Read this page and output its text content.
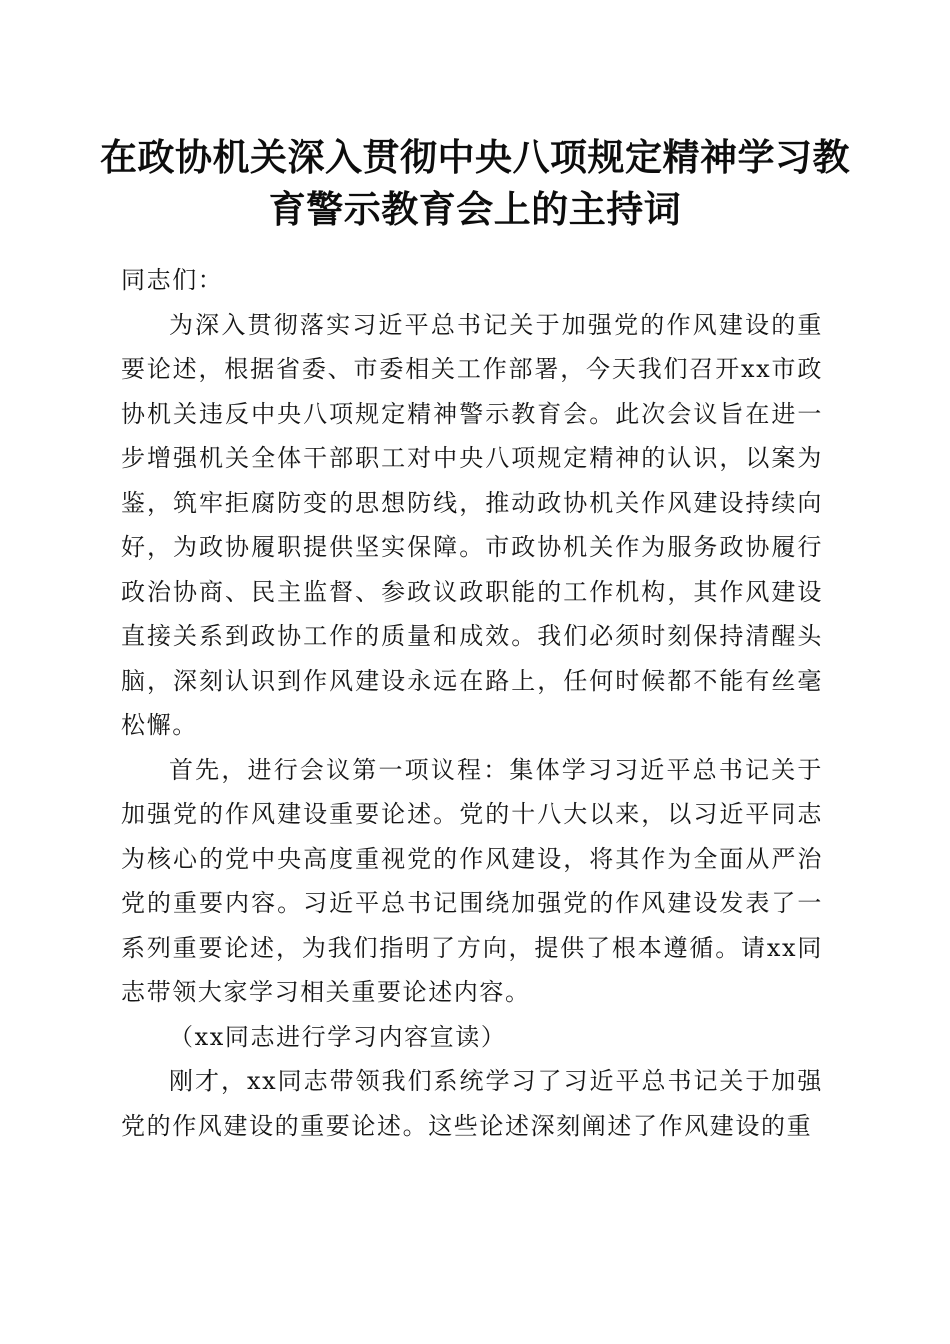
在政协机关深入贯彻中央八项规定精神学习教育警示教育会上的主持词

同志们：

为深入贯彻落实习近平总书记关于加强党的作风建设的重要论述，根据省委、市委相关工作部署，今天我们召开xx市政协机关违反中央八项规定精神警示教育会。此次会议旨在进一步增强机关全体干部职工对中央八项规定精神的认识，以案为鉴，筑牢拒腐防变的思想防线，推动政协机关作风建设持续向好，为政协履职提供坚实保障。市政协机关作为服务政协履行政治协商、民主监督、参政议政职能的工作机构，其作风建设直接关系到政协工作的质量和成效。我们必须时刻保持清醒头脑，深刻认识到作风建设永远在路上，任何时候都不能有丝毫松懈。

首先，进行会议第一项议程：集体学习习近平总书记关于加强党的作风建设重要论述。党的十八大以来，以习近平同志为核心的党中央高度重视党的作风建设，将其作为全面从严治党的重要内容。习近平总书记围绕加强党的作风建设发表了一系列重要论述，为我们指明了方向，提供了根本遵循。请xx同志带领大家学习相关重要论述内容。

（xx同志进行学习内容宣读）

刚才，xx同志带领我们系统学习了习近平总书记关于加强党的作风建设的重要论述。这些论述深刻阐述了作风建设的重
